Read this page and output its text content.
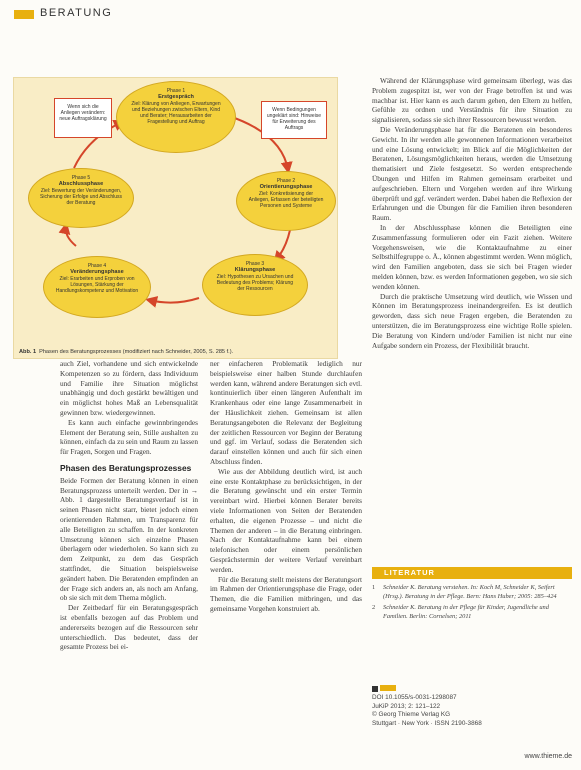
BERATUNG
Phase 1
Erstgespräch
Ziel: Klärung von Anliegen, Erwartungen und Beziehungen zwischen Eltern, Kind und Berater; Herausarbeiten der Fragestellung und Auftrag
Phase 2
Orientierungsphase
Ziel: Konkretisierung der Anliegen, Erfassen der beteiligten Personen und Systeme
Phase 3
Klärungsphase
Ziel: Hypothesen zu Ursachen und Bedeutung des Problems; Klärung der Ressourcen
Phase 4
Veränderungsphase
Ziel: Erarbeiten und Erproben von Lösungen, Stärkung der Handlungskompetenz und Motivation
Phase 5
Abschlussphase
Ziel: Bewertung der Veränderungen, Sicherung der Erfolge und Abschluss der Beratung
Wenn sich die Anliegen verändern: neue Auftragsklärung
Wenn Bedingungen ungeklärt sind: Hinweise für Erweiterung des Auftrags
Abb. 1 Phasen des Beratungsprozesses (modifiziert nach Schneider, 2005, S. 285 f.).

auch Ziel, vorhandene und sich entwickelnde Kompetenzen so zu fördern, dass Individuum und Familie ihre Situation möglichst unabhängig und doch gestärkt bewältigen und ein möglichst hohes Maß an Lebensqualität gewinnen bzw. wiedergewinnen.

Es kann auch einfache gewinnbringendes Element der Beratung sein, Stille aushalten zu können, einfach da zu sein und Raum zu lassen für Fragen, Sorgen und Fragen.

Phasen des Beratungsprozesses

Beide Formen der Beratung können in einen Beratungsprozess unterteilt werden. Der in → Abb. 1 dargestellte Beratungsverlauf ist in seinen Phasen nicht starr, bietet jedoch einen orientierenden Rahmen, um Transparenz für alle Beteiligten zu schaffen. In der konkreten Umsetzung können sich einzelne Phasen überlagern oder wiederholen. So kann sich zu dem Zeitpunkt, zu dem das Gespräch stattfindet, die Situation beispielsweise geändert haben. Die Beratenden empfinden an der Frage sich anders an, als noch am Anfang, ob sie sich mit dem Thema möglich.

Der Zeitbedarf für ein Beratungsgespräch ist ebenfalls bezogen auf das Problem und andererseits bezogen auf die Ressourcen sehr unterschiedlich. Das bedeutet, dass der gesamte Prozess bei ei-

ner einfacheren Problematik lediglich nur beispielsweise einer halben Stunde durchlaufen werden kann, während andere Beratungen sich evtl. kontinuierlich über einen längeren Aufenthalt im Krankenhaus oder eine lange Zusammenarbeit in der Häuslichkeit ziehen. Gemeinsam ist allen Beratungsangeboten die Relevanz der Begleitung der zeitlichen Ressourcen vor Beginn der Beratung und ggf. im Verlauf, sodass die Beratenden sich darauf einstellen können und auch für sich einen Abschluss finden.

Wie aus der Abbildung deutlich wird, ist auch eine erste Kontaktphase zu berücksichtigen, in der die Beratung gewünscht und ein erster Termin vereinbart wird. Hierbei können Berater bereits viele Informationen von Seiten der Beratenden erhalten, die eigenen Prozesse – und nicht die Themen der anderen – in die Beratung einbringen. Nach der Kontaktaufnahme kann bei einem telefonischen oder einem persönlichen Gesprächstermin der weitere Verlauf vereinbart werden.

Für die Beratung stellt meistens der Beratungsort im Rahmen der Orientierungsphase die Frage, oder Themen, die die Familien mitbringen, und das gemeinsame Vorgehen konstruiert ab.

Während der Klärungsphase wird gemeinsam überlegt, was das Problem zugespitzt ist, wer von der Frage betroffen ist und was machbar ist. Hier kann es auch darum gehen, den Eltern zu helfen, Gefühle zu ordnen und Verständnis für ihre Situation zu signalisieren, sodass sie sich ihrer Ressourcen bewusst werden.

Die Veränderungsphase hat für die Beratenen ein besonderes Gewicht. In ihr werden alle gewonnenen Informationen verarbeitet und eine Lösung entwickelt; im Blick auf die Möglichkeiten der Beratenen, Lösungsmöglichkeiten heraus, werden die Umsetzung thematisiert und Ziele festgesetzt. So werden entsprechende Übungen und Hilfen im Rahmen gemeinsam erarbeitet und aufgeschrieben. Eltern und Vorgehen werden auf ihre Wirkung überprüft und ggf. verändert werden. Dabei haben die Reflexion der Erfahrungen und die Übungen für die Familien ihren besonderen Raum.

In der Abschlussphase können die Beteiligten eine Zusammenfassung formulieren oder ein Fazit ziehen. Weitere Vorgehensweisen, wie die Kontaktaufnahme zu einer Selbsthilfegruppe o. Ä., können abgestimmt werden. Wenn möglich, wird den Familien angeboten, dass sie sich bei Fragen wieder melden können, bzw. es werden Informationen gegeben, wo sie sich wenden können.

Durch die praktische Umsetzung wird deutlich, wie Wissen und Können im Beratungsprozess ineinandergreifen. Es ist deutlich geworden, dass sich neue Fragen ergeben, die Beratenden zu unterstützen, die im Beratungsprozess eine wichtige Rolle spielen. Die Beratung von Kindern und/oder Familien ist nicht nur eine Aufgabe sondern ein Prozess, der Flexibilität braucht.

LITERATUR
1 Schneider K. Beratung verstehen. In: Koch M, Schneider K, Seifert (Hrsg.). Beratung in der Pflege. Bern: Hans Huber; 2005: 285–424
2 Schneider K. Beratung in der Pflege für Kinder, Jugendliche und Familien. Berlin: Cornelsen; 2011
DOI 10.1055/s-0031-1298087
JuKiP 2013; 2: 121–122
© Georg Thieme Verlag KG
Stuttgart · New York · ISSN 2190-3868
www.thieme.de
